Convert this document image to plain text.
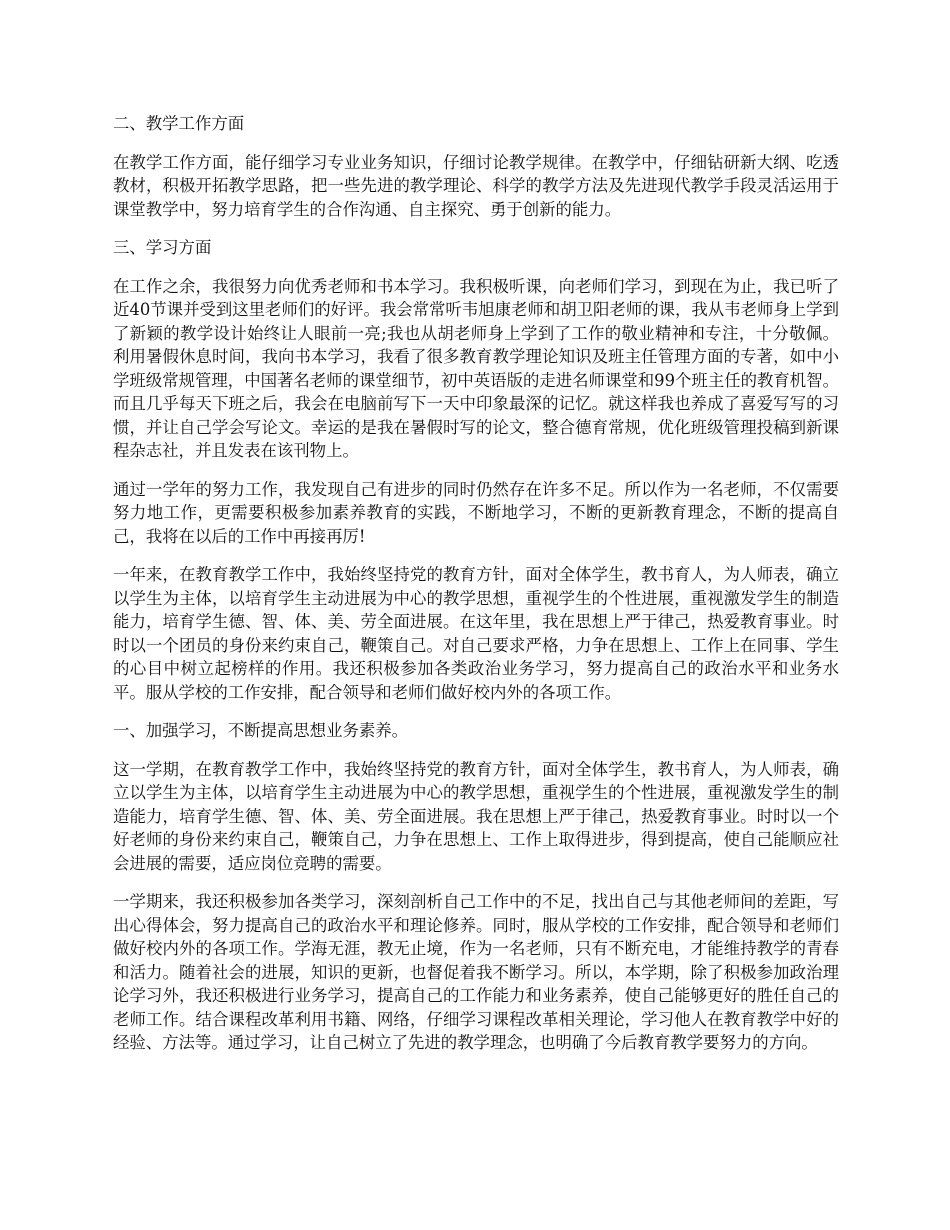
二、教学工作方面

在教学工作方面，能仔细学习专业业务知识，仔细讨论教学规律。在教学中，仔细钻研新大纲、吃透教材，积极开拓教学思路，把一些先进的教学理论、科学的教学方法及先进现代教学手段灵活运用于课堂教学中，努力培育学生的合作沟通、自主探究、勇于创新的能力。

三、学习方面

在工作之余，我很努力向优秀老师和书本学习。我积极听课，向老师们学习，到现在为止，我已听了近40节课并受到这里老师们的好评。我会常常听韦旭康老师和胡卫阳老师的课，我从韦老师身上学到了新颖的教学设计始终让人眼前一亮;我也从胡老师身上学到了工作的敬业精神和专注，十分敬佩。利用暑假休息时间，我向书本学习，我看了很多教育教学理论知识及班主任管理方面的专著，如中小学班级常规管理，中国著名老师的课堂细节，初中英语版的走进名师课堂和99个班主任的教育机智。而且几乎每天下班之后，我会在电脑前写下一天中印象最深的记忆。就这样我也养成了喜爱写写的习惯，并让自己学会写论文。幸运的是我在暑假时写的论文，整合德育常规，优化班级管理投稿到新课程杂志社，并且发表在该刊物上。

通过一学年的努力工作，我发现自己有进步的同时仍然存在许多不足。所以作为一名老师，不仅需要努力地工作，更需要积极参加素养教育的实践，不断地学习，不断的更新教育理念，不断的提高自己，我将在以后的工作中再接再厉!

一年来，在教育教学工作中，我始终坚持党的教育方针，面对全体学生，教书育人，为人师表，确立以学生为主体，以培育学生主动进展为中心的教学思想，重视学生的个性进展，重视激发学生的制造能力，培育学生德、智、体、美、劳全面进展。在这年里，我在思想上严于律己，热爱教育事业。时时以一个团员的身份来约束自己，鞭策自己。对自己要求严格，力争在思想上、工作上在同事、学生的心目中树立起榜样的作用。我还积极参加各类政治业务学习，努力提高自己的政治水平和业务水平。服从学校的工作安排，配合领导和老师们做好校内外的各项工作。

一、加强学习，不断提高思想业务素养。

这一学期，在教育教学工作中，我始终坚持党的教育方针，面对全体学生，教书育人，为人师表，确立以学生为主体，以培育学生主动进展为中心的教学思想，重视学生的个性进展，重视激发学生的制造能力，培育学生德、智、体、美、劳全面进展。我在思想上严于律己，热爱教育事业。时时以一个好老师的身份来约束自己，鞭策自己，力争在思想上、工作上取得进步，得到提高，使自己能顺应社会进展的需要，适应岗位竞聘的需要。

一学期来，我还积极参加各类学习，深刻剖析自己工作中的不足，找出自己与其他老师间的差距，写出心得体会，努力提高自己的政治水平和理论修养。同时，服从学校的工作安排，配合领导和老师们做好校内外的各项工作。学海无涯，教无止境，作为一名老师，只有不断充电，才能维持教学的青春和活力。随着社会的进展，知识的更新，也督促着我不断学习。所以，本学期，除了积极参加政治理论学习外，我还积极进行业务学习，提高自己的工作能力和业务素养，使自己能够更好的胜任自己的老师工作。结合课程改革利用书籍、网络，仔细学习课程改革相关理论，学习他人在教育教学中好的经验、方法等。通过学习，让自己树立了先进的教学理念，也明确了今后教育教学要努力的方向。
